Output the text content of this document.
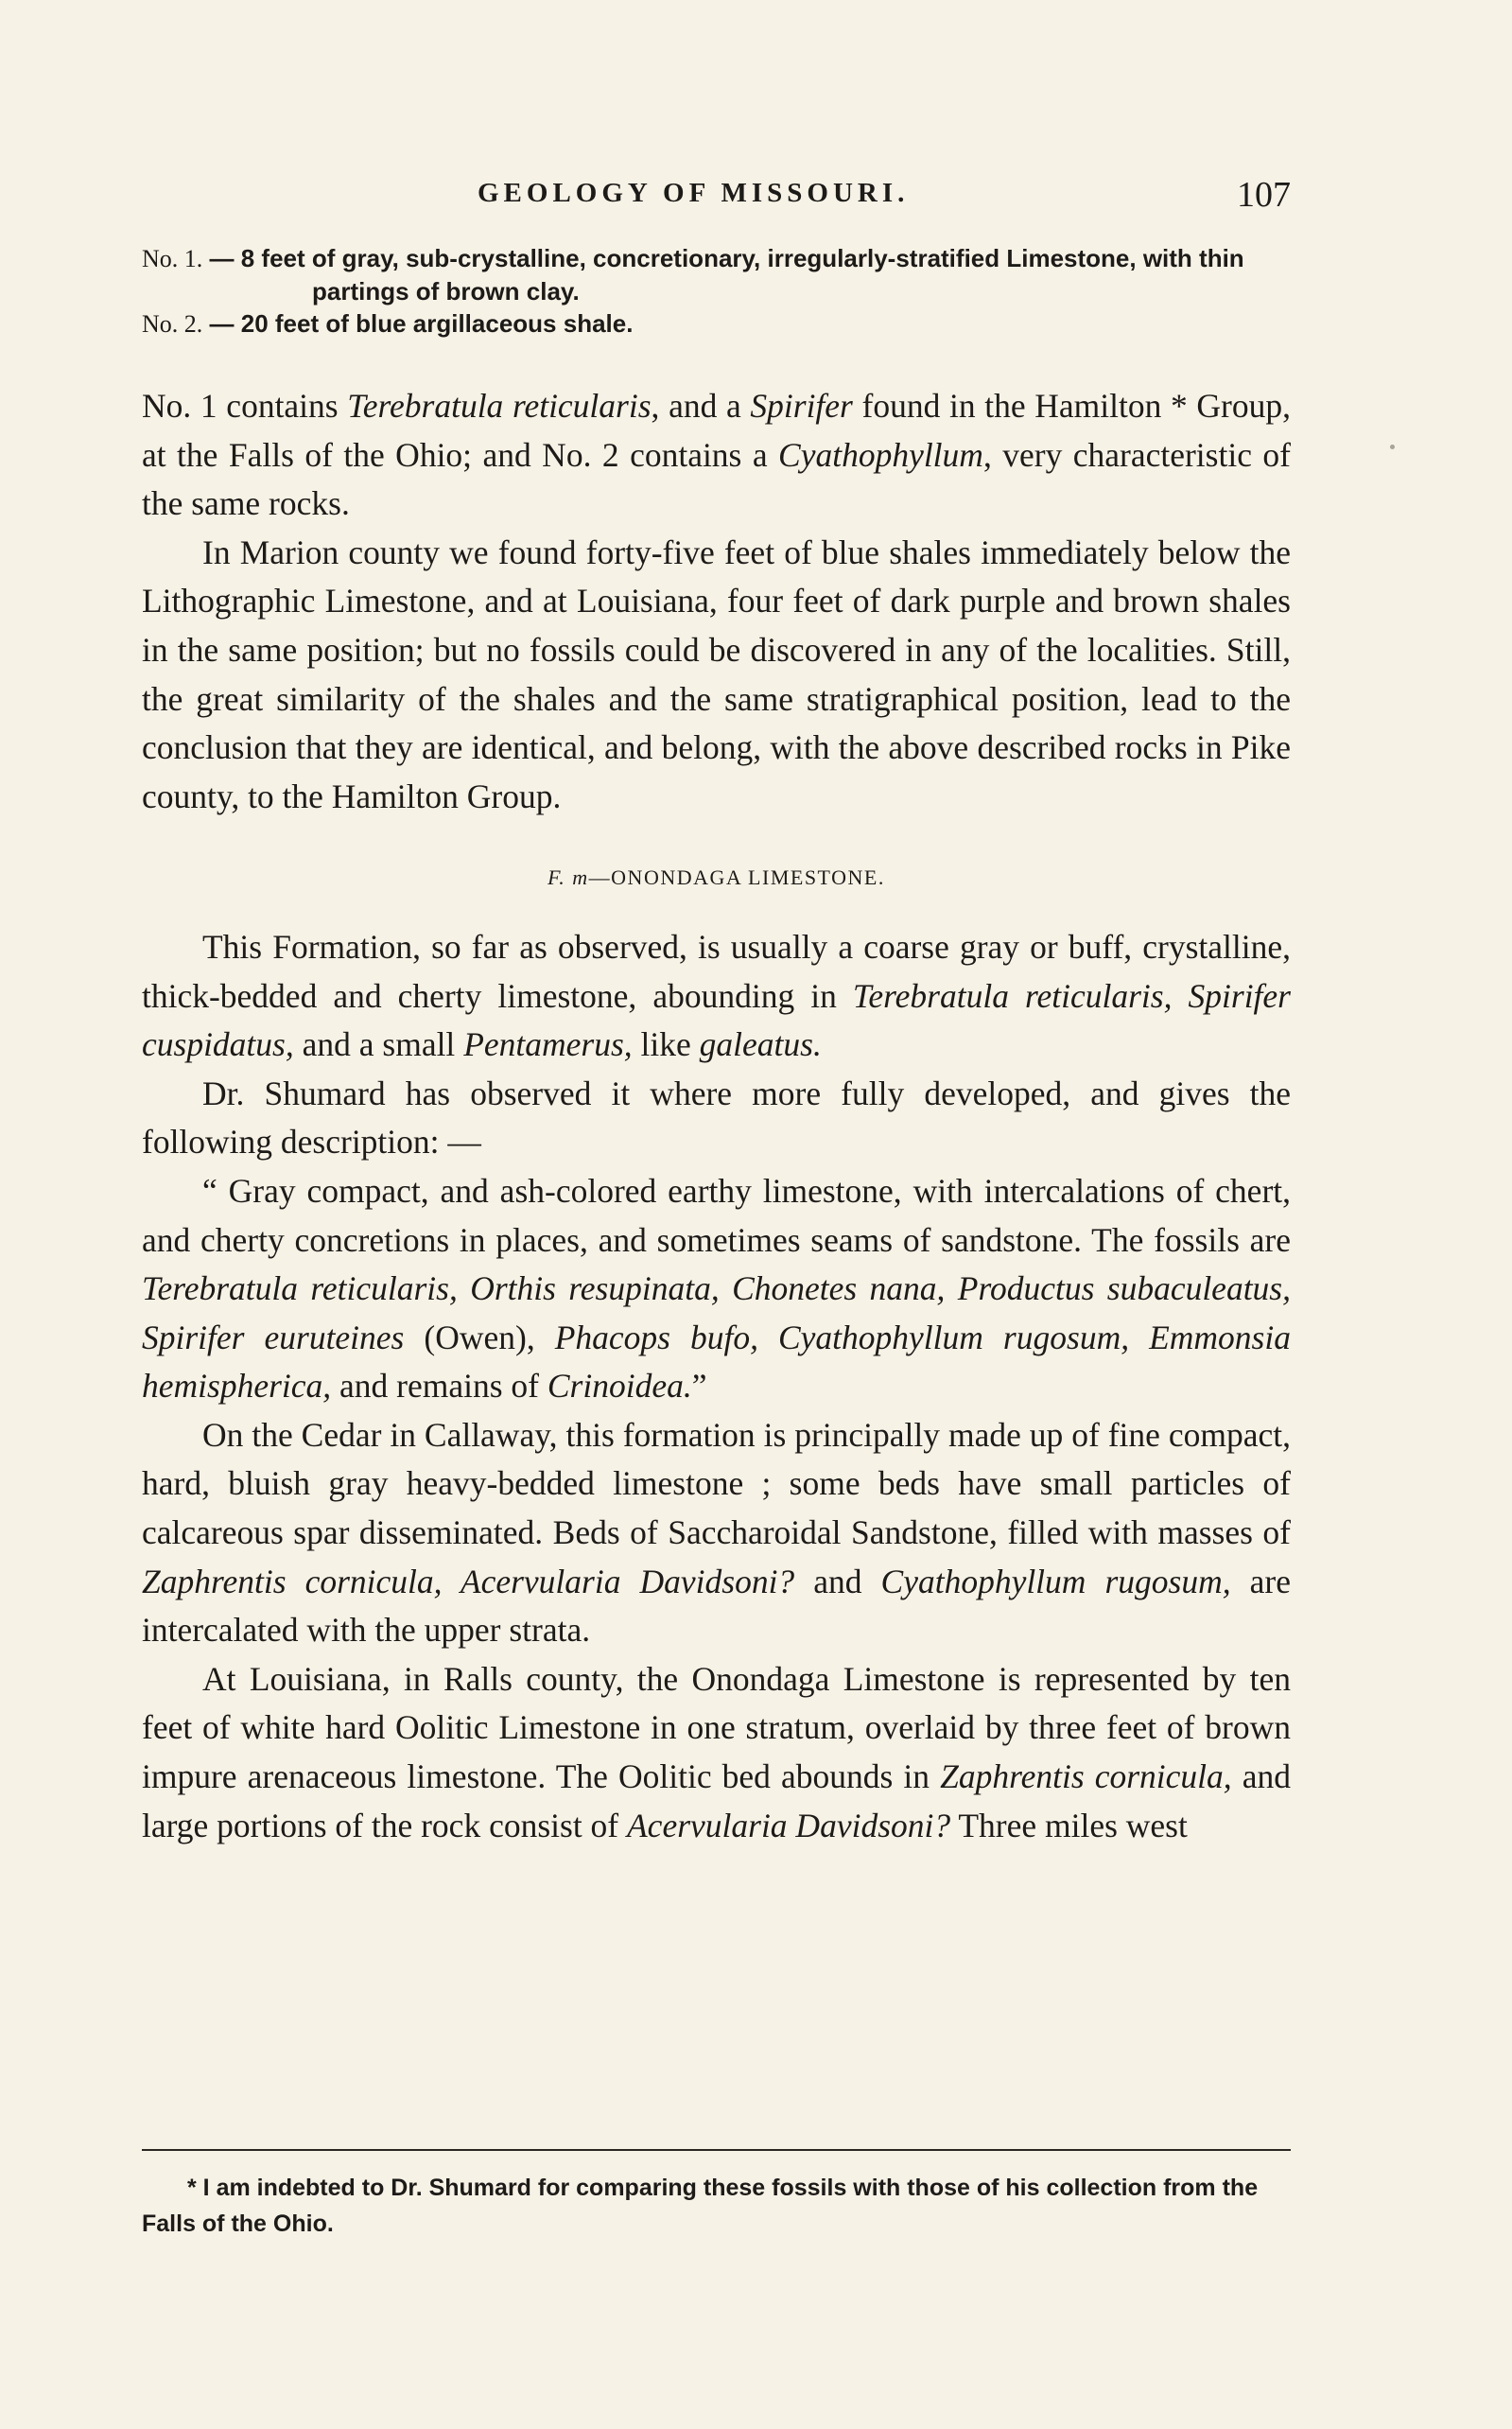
GEOLOGY OF MISSOURI.	107
No. 1. — 8 feet of gray, sub-crystalline, concretionary, irregularly-stratified Limestone, with thin partings of brown clay.
No. 2. — 20 feet of blue argillaceous shale.

No. 1 contains Terebratula reticularis, and a Spirifer found in the Hamilton * Group, at the Falls of the Ohio; and No. 2 contains a Cyathophyllum, very characteristic of the same rocks.

In Marion county we found forty-five feet of blue shales immediately below the Lithographic Limestone, and at Louisiana, four feet of dark purple and brown shales in the same position; but no fossils could be discovered in any of the localities. Still, the great similarity of the shales and the same stratigraphical position, lead to the conclusion that they are identical, and belong, with the above described rocks in Pike county, to the Hamilton Group.

F. m—ONONDAGA LIMESTONE.

This Formation, so far as observed, is usually a coarse gray or buff, crystalline, thick-bedded and cherty limestone, abounding in Terebratula reticularis, Spirifer cuspidatus, and a small Pentamerus, like galeatus.

Dr. Shumard has observed it where more fully developed, and gives the following description: —

“ Gray compact, and ash-colored earthy limestone, with intercalations of chert, and cherty concretions in places, and sometimes seams of sandstone. The fossils are Terebratula reticularis, Orthis resupinata, Chonetes nana, Productus subaculeatus, Spirifer euruteines (Owen), Phacops bufo, Cyathophyllum rugosum, Emmonsia hemispherica, and remains of Crinoidea.”

On the Cedar in Callaway, this formation is principally made up of fine compact, hard, bluish gray heavy-bedded limestone ; some beds have small particles of calcareous spar disseminated. Beds of Saccharoidal Sandstone, filled with masses of Zaphrentis cornicula, Acervularia Davidsoni? and Cyathophyllum rugosum, are intercalated with the upper strata.

At Louisiana, in Ralls county, the Onondaga Limestone is represented by ten feet of white hard Oolitic Limestone in one stratum, overlaid by three feet of brown impure arenaceous limestone. The Oolitic bed abounds in Zaphrentis cornicula, and large portions of the rock consist of Acervularia Davidsoni? Three miles west

* I am indebted to Dr. Shumard for comparing these fossils with those of his collection from the Falls of the Ohio.
